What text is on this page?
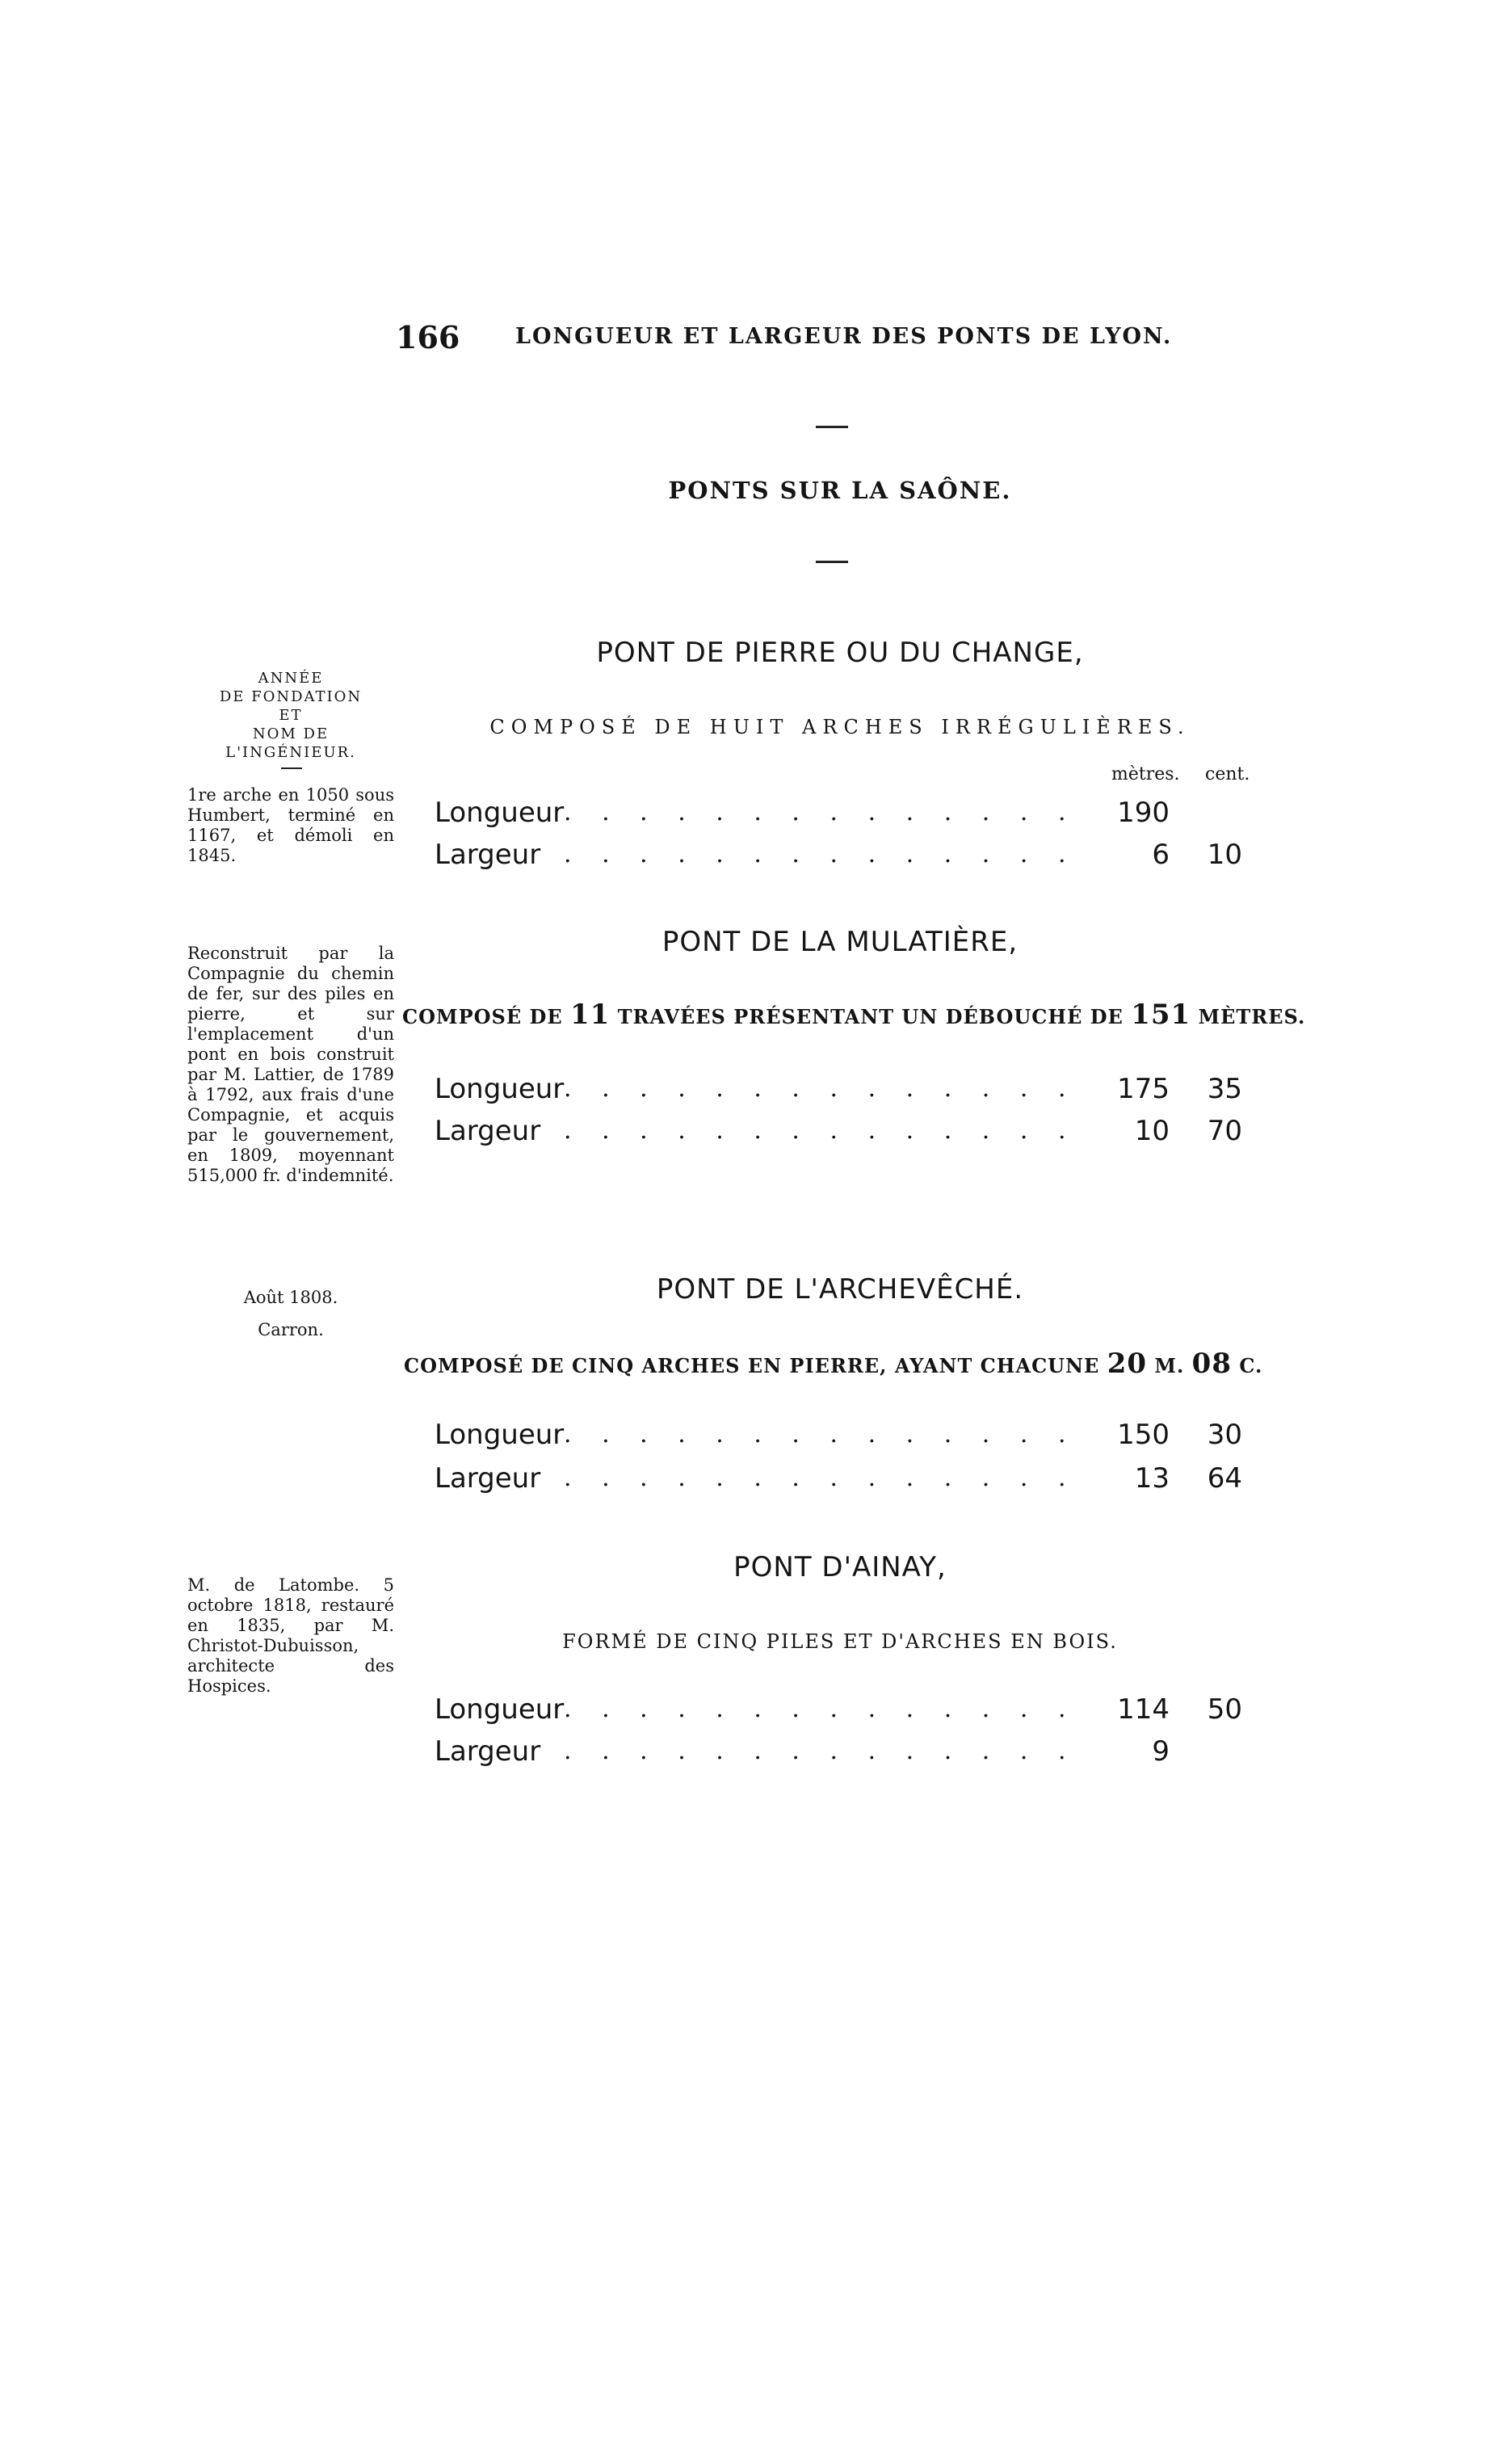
166	LONGUEUR ET LARGEUR DES PONTS DE LYON.
PONTS SUR LA SAÔNE.
ANNÉE
DE FONDATION
ET
NOM DE L'INGÉNIEUR.
PONT DE PIERRE OU DU CHANGE,
COMPOSÉ DE HUIT ARCHES IRRÉGULIÈRES.
mètres. cent.
1re arche en 1050 sous Humbert, terminé en 1167, et démoli en 1845.
Longueur . . . . . . . . . . . . . .	190
Largeur . . . . . . . . . . . . . .	6	10
PONT DE LA MULATIÈRE,
Reconstruit par la Compagnie du chemin de fer, sur des piles en pierre, et sur l'emplacement d'un pont en bois construit par M. Lattier, de 1789 à 1792, aux frais d'une Compagnie, et acquis par le gouvernement, en 1809, moyennant 515,000 fr. d'indemnité.
COMPOSÉ DE 11 TRAVÉES PRÉSENTANT UN DÉBOUCHÉ DE 151 MÈTRES.
Longueur . . . . . . . . . . . . . .	175	35
Largeur . . . . . . . . . . . . . .	10	70
PONT DE L'ARCHEVÊCHÉ.
Août 1808.
Carron.
COMPOSÉ DE CINQ ARCHES EN PIERRE, AYANT CHACUNE 20 M. 08 C.
Longueur . . . . . . . . . . . . . .	150	30
Largeur . . . . . . . . . . . . . .	13	64
PONT D'AINAY,
M. de Latombe. 5 octobre 1818, restauré en 1835, par M. Christot-Dubuisson, architecte des Hospices.
FORMÉ DE CINQ PILES ET D'ARCHES EN BOIS.
Longueur . . . . . . . . . . . . . .	114	50
Largeur . . . . . . . . . . . . . .	9
